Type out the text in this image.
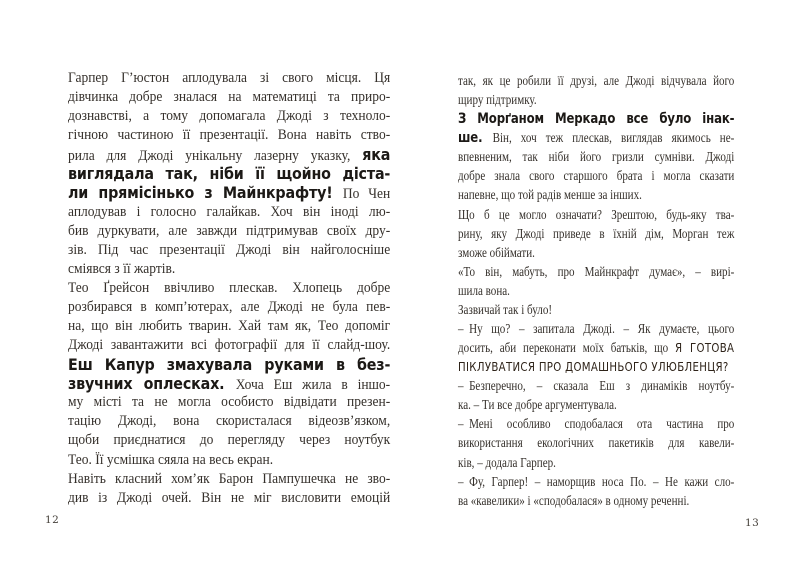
Гарпер Г’юстон аплодувала зі свого місця. Ця
дівчинка добре зналася на математиці та приро-
дознавстві, а тому допомагала Джоді з техноло-
гічною частиною її презентації. Вона навіть ство-
рила для Джоді унікальну лазерну указку, яка
виглядала так, ніби її щойно діста-
ли прямісінько з Майнкрафту! По Чен
аплодував і голосно галайкав. Хоч він іноді лю-
бив дуркувати, але завжди підтримував своїх дру-
зів. Під час презентації Джоді він найголосніше
сміявся з її жартів.
Тео Ґрейсон ввічливо плескав. Хлопець добре
розбирався в комп’ютерах, але Джоді не була пев-
на, що він любить тварин. Хай там як, Тео допоміг
Джоді завантажити всі фотографії для її слайд-шоу.
Еш Капур змахувала руками в без-
звучних оплесках. Хоча Еш жила в іншо-
му місті та не могла особисто відвідати презен-
тацію Джоді, вона скористалася відеозв’язком,
щоби приєднатися до перегляду через ноутбук
Тео. Її усмішка сяяла на весь екран.
Навіть класний хом’як Барон Пампушечка не зво-
див із Джоді очей. Він не міг висловити емоцій
так, як це робили її друзі, але Джоді відчувала його
щиру підтримку.
З Морґаном Меркадо все було інак-
ше. Він, хоч теж плескав, виглядав якимось не-
впевненим, так ніби його гризли сумніви. Джоді
добре знала свого старшого брата і могла сказати
напевне, що той радів менше за інших.
Що б це могло означати? Зрештою, будь-яку тва-
рину, яку Джоді приведе в їхній дім, Морган теж
зможе обіймати.
«То він, мабуть, про Майнкрафт думає», – вирі-
шила вона.
Зазвичай так і було!
– Ну що? – запитала Джоді. – Як думаєте, цього
досить, аби переконати моїх батьків, що Я ГОТОВА
ПІКЛУВАТИСЯ ПРО ДОМАШНЬОГО УЛЮБЛЕНЦЯ?
– Безперечно, – сказала Еш з динаміків ноутбу-
ка. – Ти все добре аргументувала.
– Мені особливо сподобалася ота частина про
використання екологічних пакетиків для кавели-
ків, – додала Гарпер.
– Фу, Гарпер! – наморщив носа По. – Не кажи сло-
ва «кавелики» і «сподобалася» в одному реченні.
12	13
